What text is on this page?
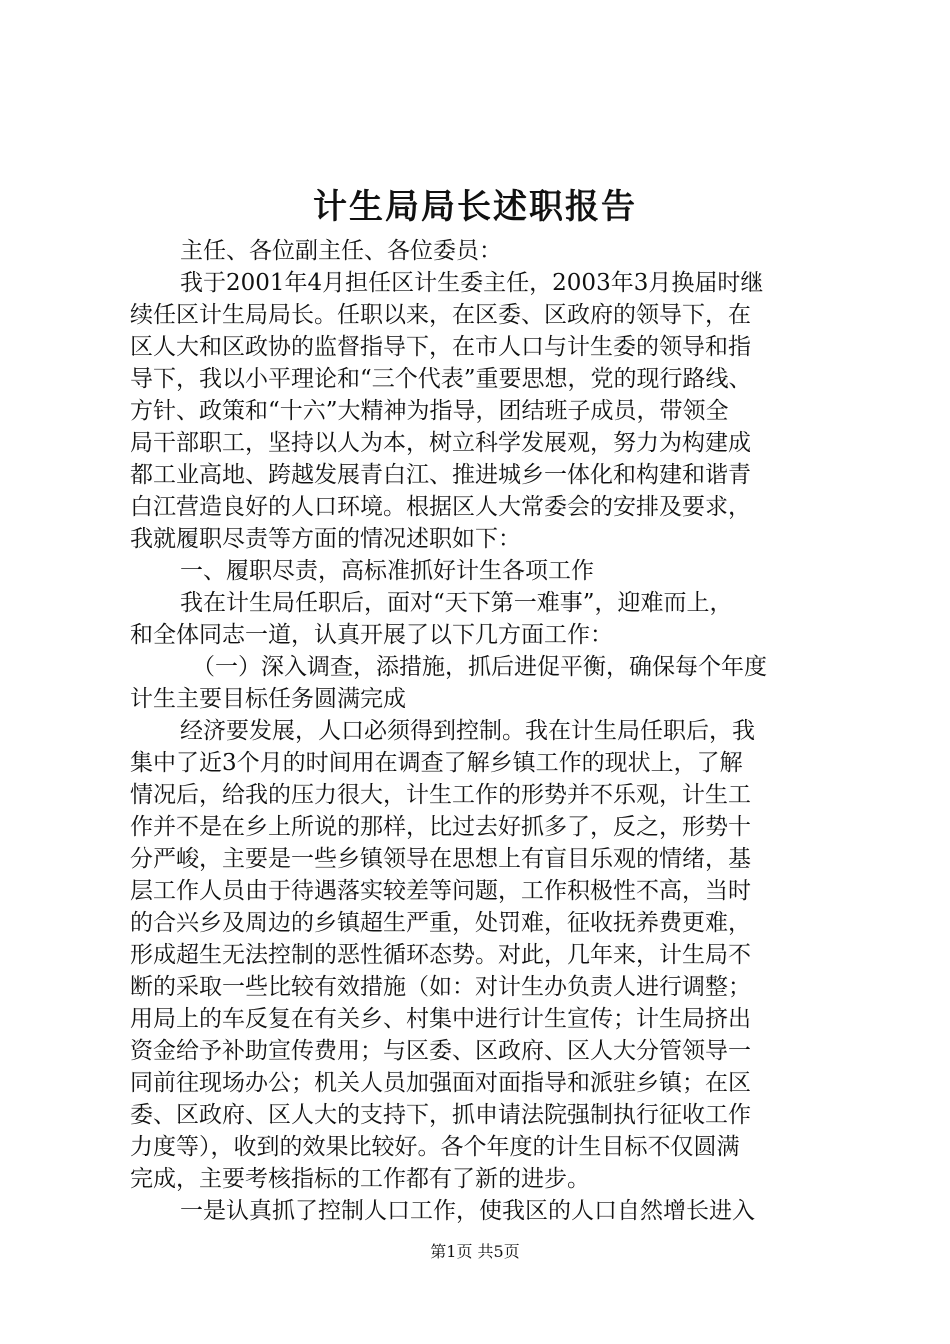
计生局局长述职报告
主任、各位副主任、各位委员：
我于2001年4月担任区计生委主任，2003年3月换届时继
续任区计生局局长。任职以来，在区委、区政府的领导下，在
区人大和区政协的监督指导下，在市人口与计生委的领导和指
导下，我以小平理论和“三个代表”重要思想，党的现行路线、
方针、政策和“十六”大精神为指导，团结班子成员，带领全
局干部职工，坚持以人为本，树立科学发展观，努力为构建成
都工业高地、跨越发展青白江、推进城乡一体化和构建和谐青
白江营造良好的人口环境。根据区人大常委会的安排及要求，
我就履职尽责等方面的情况述职如下：
一、履职尽责，高标准抓好计生各项工作
我在计生局任职后，面对“天下第一难事”，迎难而上，
和全体同志一道，认真开展了以下几方面工作：
（一）深入调查，添措施，抓后进促平衡，确保每个年度
计生主要目标任务圆满完成
经济要发展，人口必须得到控制。我在计生局任职后，我
集中了近3个月的时间用在调查了解乡镇工作的现状上，了解
情况后，给我的压力很大，计生工作的形势并不乐观，计生工
作并不是在乡上所说的那样，比过去好抓多了，反之，形势十
分严峻，主要是一些乡镇领导在思想上有盲目乐观的情绪，基
层工作人员由于待遇落实较差等问题，工作积极性不高，当时
的合兴乡及周边的乡镇超生严重，处罚难，征收抚养费更难，
形成超生无法控制的恶性循环态势。对此，几年来，计生局不
断的采取一些比较有效措施（如：对计生办负责人进行调整；
用局上的车反复在有关乡、村集中进行计生宣传；计生局挤出
资金给予补助宣传费用；与区委、区政府、区人大分管领导一
同前往现场办公；机关人员加强面对面指导和派驻乡镇；在区
委、区政府、区人大的支持下，抓申请法院强制执行征收工作
力度等），收到的效果比较好。各个年度的计生目标不仅圆满
完成，主要考核指标的工作都有了新的进步。
一是认真抓了控制人口工作，使我区的人口自然增长进入
第1页 共5页
